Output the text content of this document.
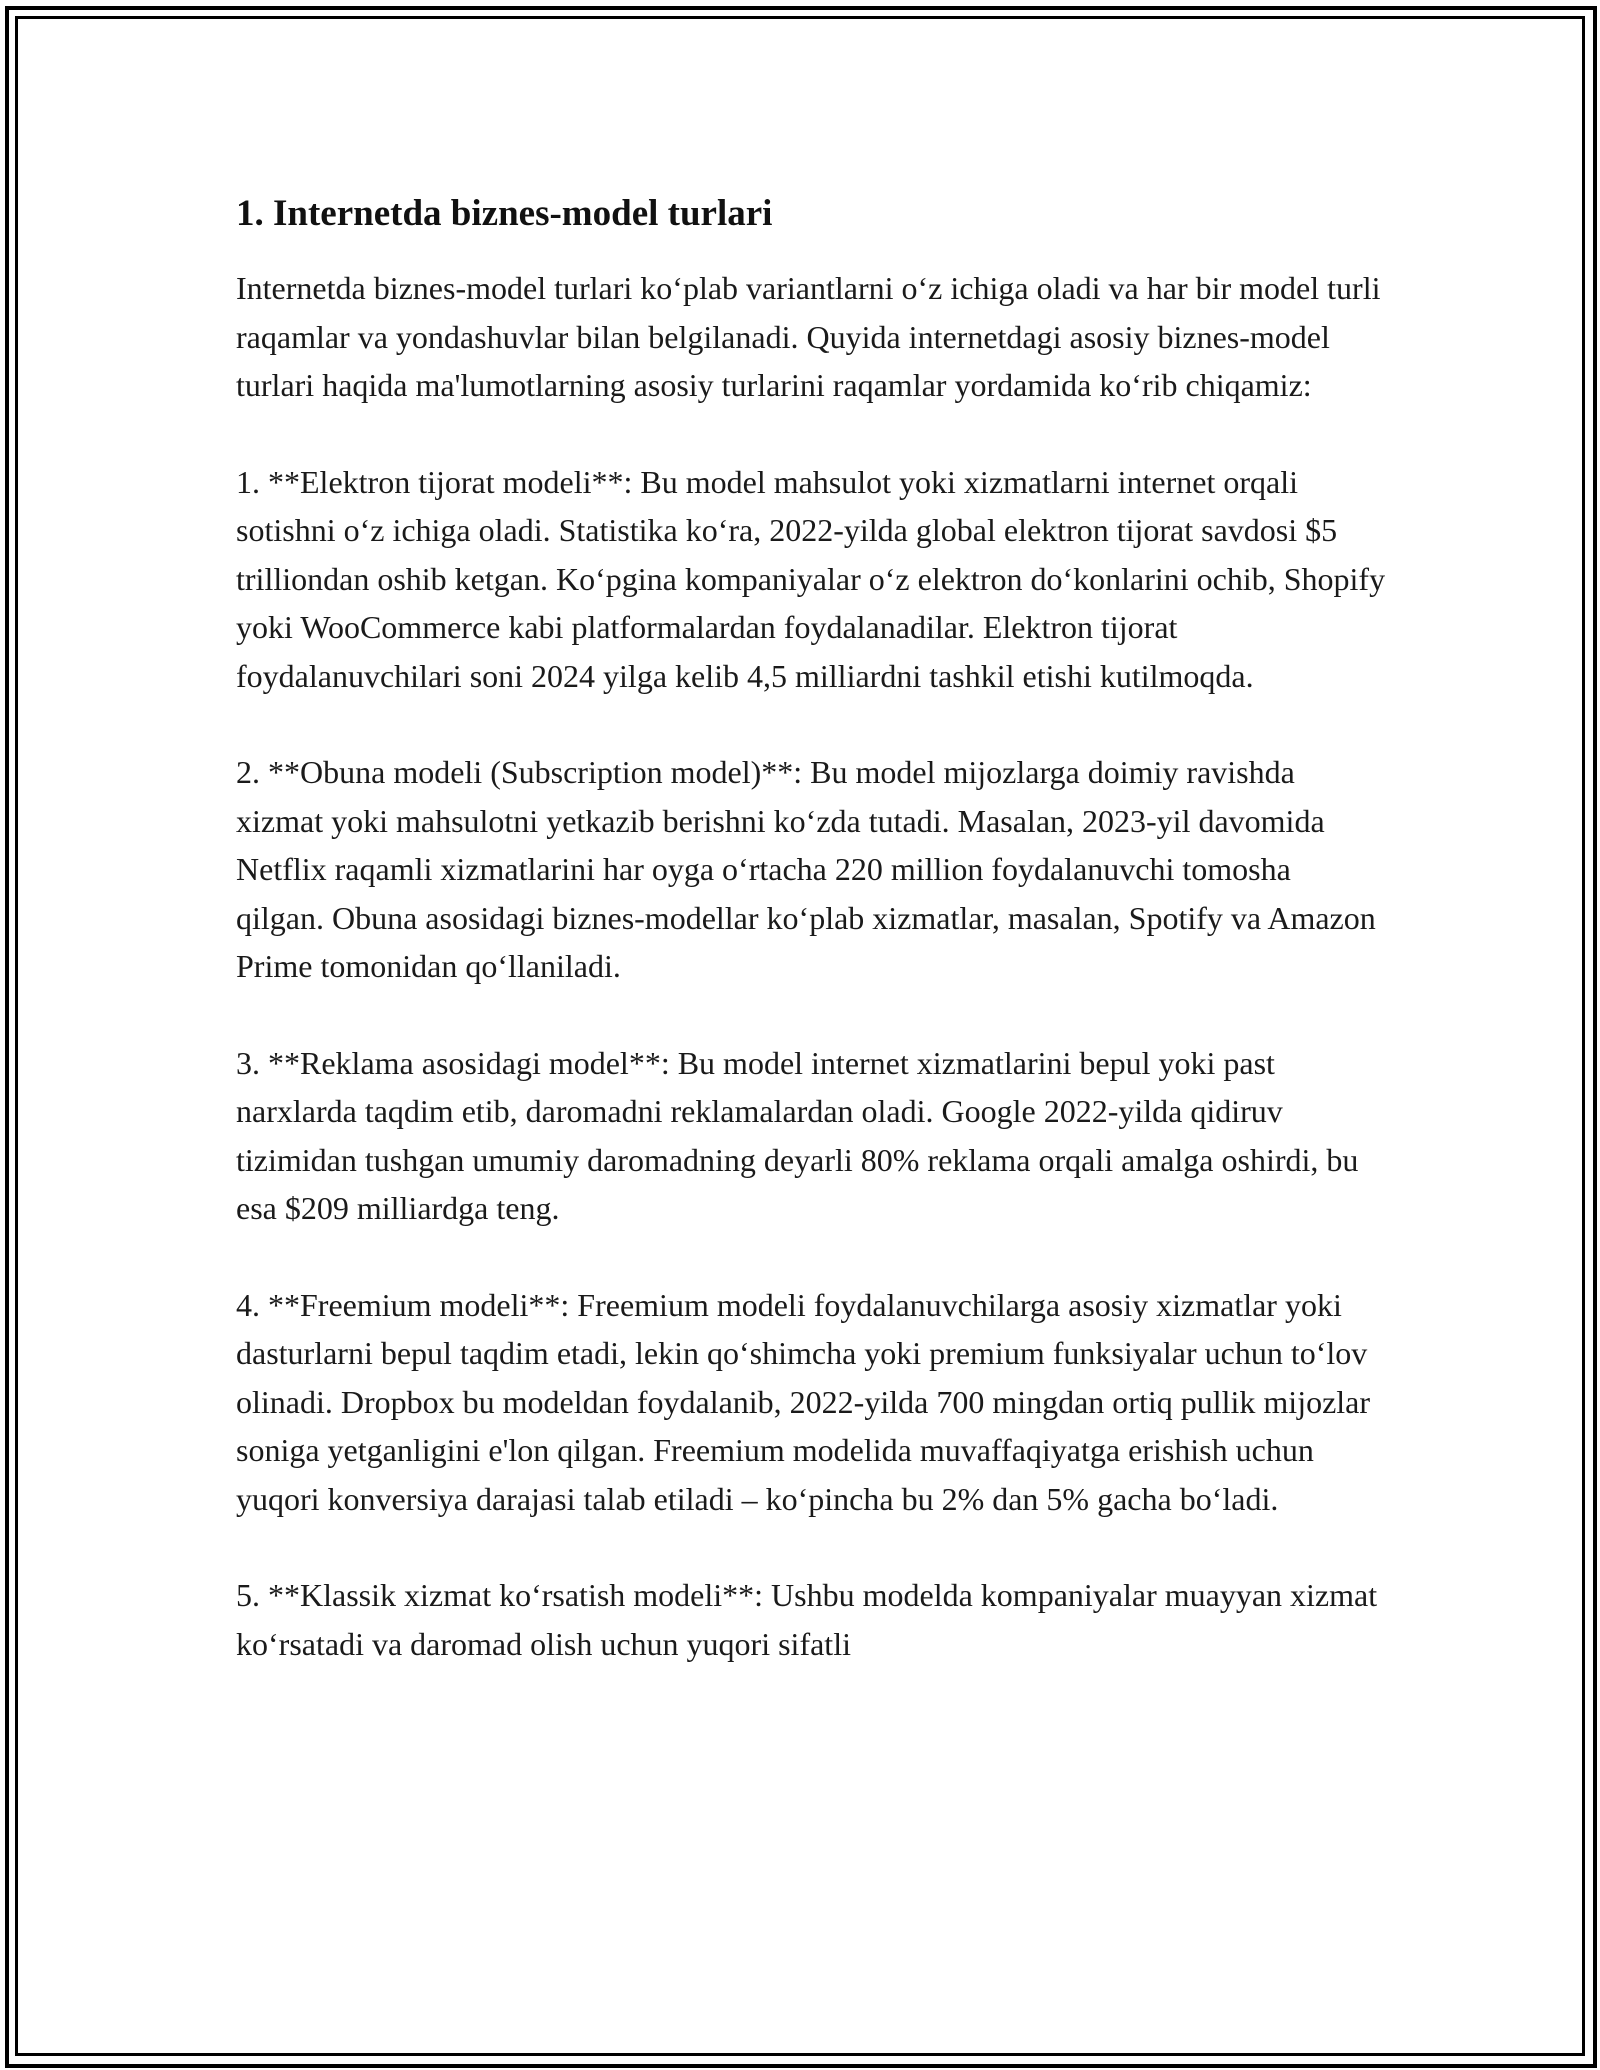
1. Internetda biznes-model turlari

Internetda biznes-model turlari ko‘plab variantlarni o‘z ichiga oladi va har bir model turli raqamlar va yondashuvlar bilan belgilanadi. Quyida internetdagi asosiy biznes-model turlari haqida ma'lumotlarning asosiy turlarini raqamlar yordamida ko‘rib chiqamiz:

1. **Elektron tijorat modeli**: Bu model mahsulot yoki xizmatlarni internet orqali sotishni o‘z ichiga oladi. Statistika ko‘ra, 2022-yilda global elektron tijorat savdosi $5 trilliondan oshib ketgan. Ko‘pgina kompaniyalar o‘z elektron do‘konlarini ochib, Shopify yoki WooCommerce kabi platformalardan foydalanadilar. Elektron tijorat foydalanuvchilari soni 2024 yilga kelib 4,5 milliardni tashkil etishi kutilmoqda.

2. **Obuna modeli (Subscription model)**: Bu model mijozlarga doimiy ravishda xizmat yoki mahsulotni yetkazib berishni ko‘zda tutadi. Masalan, 2023-yil davomida Netflix raqamli xizmatlarini har oyga o‘rtacha 220 million foydalanuvchi tomosha qilgan. Obuna asosidagi biznes-modellar ko‘plab xizmatlar, masalan, Spotify va Amazon Prime tomonidan qo‘llaniladi.

3. **Reklama asosidagi model**: Bu model internet xizmatlarini bepul yoki past narxlarda taqdim etib, daromadni reklamalardan oladi. Google 2022-yilda qidiruv tizimidan tushgan umumiy daromadning deyarli 80% reklama orqali amalga oshirdi, bu esa $209 milliardga teng.

4. **Freemium modeli**: Freemium modeli foydalanuvchilarga asosiy xizmatlar yoki dasturlarni bepul taqdim etadi, lekin qo‘shimcha yoki premium funksiyalar uchun to‘lov olinadi. Dropbox bu modeldan foydalanib, 2022-yilda 700 mingdan ortiq pullik mijozlar soniga yetganligini e'lon qilgan. Freemium modelida muvaffaqiyatga erishish uchun yuqori konversiya darajasi talab etiladi – ko‘pincha bu 2% dan 5% gacha bo‘ladi.

5. **Klassik xizmat ko‘rsatish modeli**: Ushbu modelda kompaniyalar muayyan xizmat ko‘rsatadi va daromad olish uchun yuqori sifatli
